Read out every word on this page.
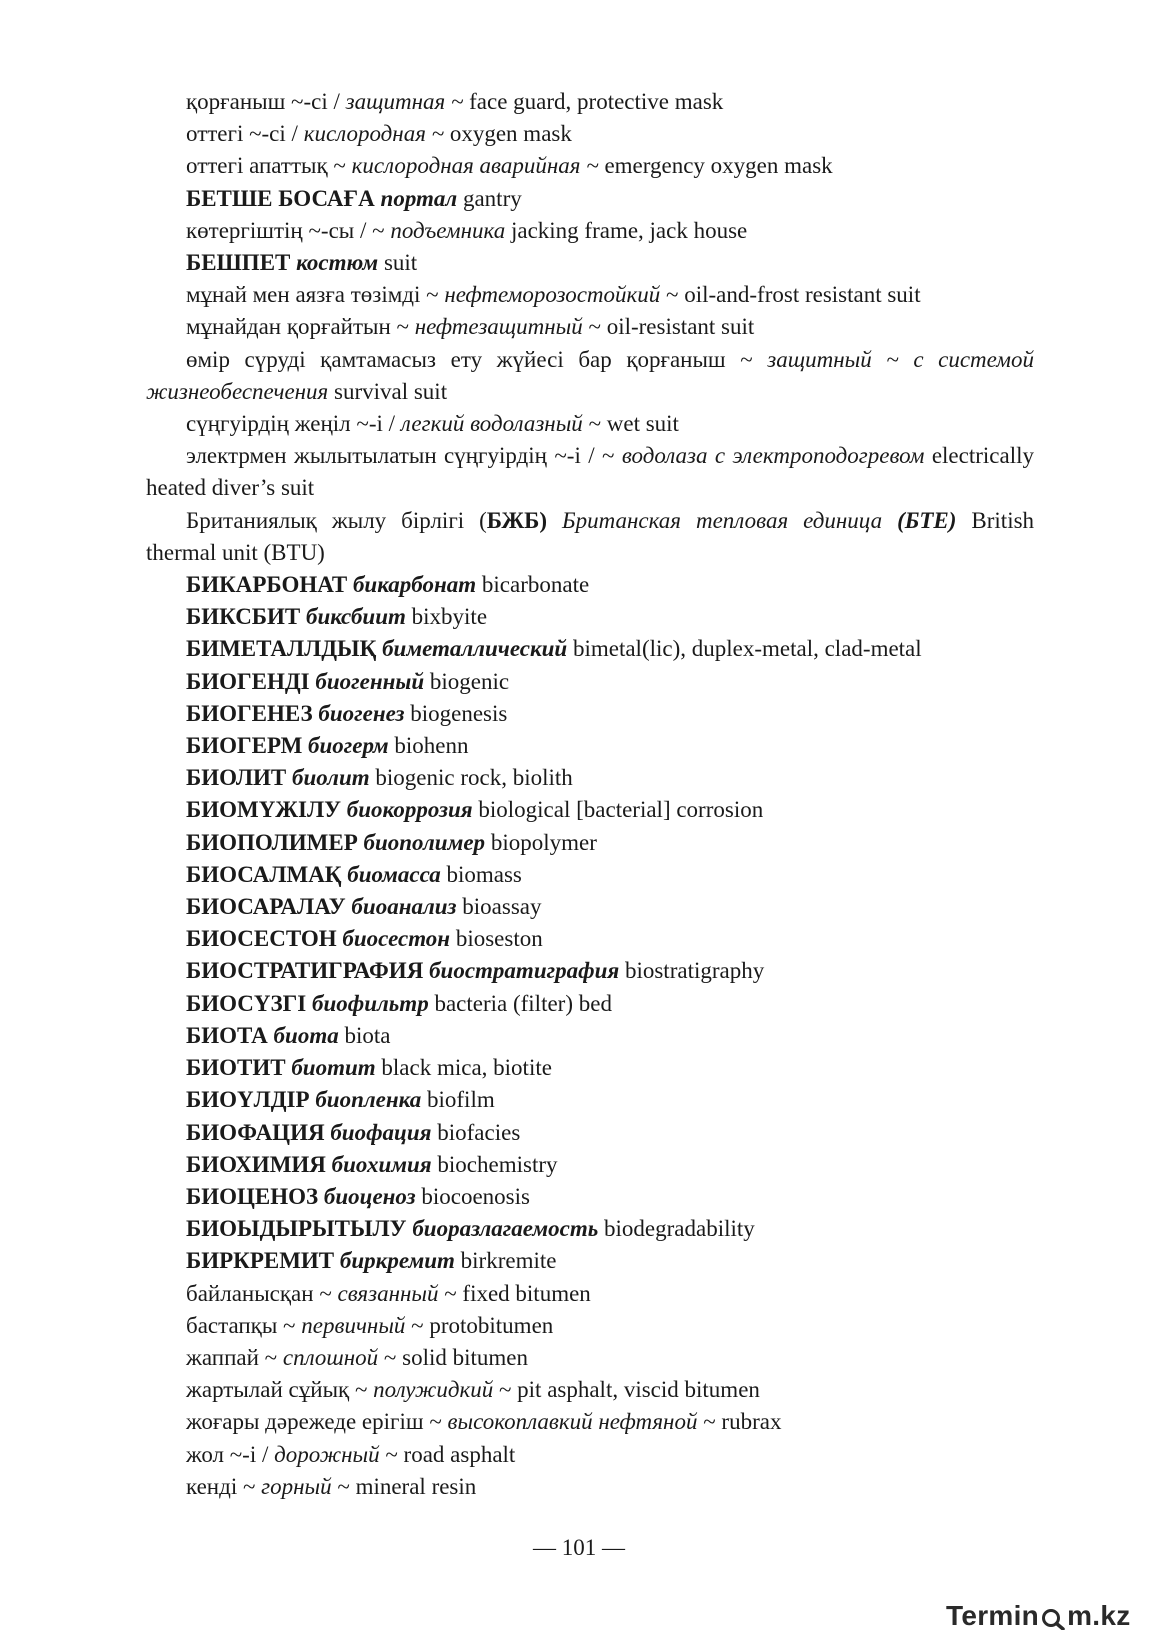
қорғаныш ~-сі / защитная ~ face guard, protective mask
оттегі ~-сі / кислородная ~ oxygen mask
оттегі апаттық ~ кислородная аварийная ~ emergency oxygen mask
БЕТШЕ БОСАҒА портал gantry
көтергіштің ~-сы / ~ подъемника jacking frame, jack house
БЕШПЕТ костюм suit
мұнай мен аязға төзімді ~ нефтеморозостойкий ~ oil-and-frost resistant suit
мұнайдан қорғайтын ~ нефтезащитный ~ oil-resistant suit
өмір сүруді қамтамасыз ету жүйесі бар қорғаныш ~ защитный ~ с системой жизнеобеспечения survival suit
сүңгуірдің жеңіл ~-і / легкий водолазный ~ wet suit
электрмен жылытылатын сүңгуірдің ~-і / ~ водолаза с электроподогревом electrically heated diver’s suit
Британиялық жылу бірлігі (БЖБ) Британская тепловая единица (БТЕ) British thermal unit (BTU)
БИКАРБОНАТ бикарбонат bicarbonate
БИКСБИТ биксбиит bixbyite
БИМЕТАЛЛДЫҚ биметаллический bimetal(lic), duplex-metal, clad-metal
БИОГЕНДІ биогенный biogenic
БИОГЕНЕЗ биогенез biogenesis
БИОГЕРМ биогерм biohenn
БИОЛИТ биолит biogenic rock, biolith
БИОМҮЖІЛУ биокоррозия biological [bacterial] corrosion
БИОПОЛИМЕР биополимер biopolymer
БИОСАЛМАҚ биомасса biomass
БИОСАРАЛАУ биоанализ bioassay
БИОСЕСТОН биосестон bioseston
БИОСТРАТИГРАФИЯ биостратиграфия biostratigraphy
БИОСҮЗГІ биофильтр bacteria (filter) bed
БИОТА биота biota
БИОТИТ биотит black mica, biotite
БИОҮЛДІР биопленка biofilm
БИОФАЦИЯ биофация biofacies
БИОХИМИЯ биохимия biochemistry
БИОЦЕНОЗ биоценоз biocoenosis
БИОЫДЫРЫТЫЛУ биоразлагаемость biodegradability
БИРКРЕМИТ биркремит birkremite
байланысқан ~ связанный ~ fixed bitumen
бастапқы ~ первичный ~ protobitumen
жаппай ~ сплошной ~ solid bitumen
жартылай сұйық ~ полужидкий ~ pit asphalt, viscid bitumen
жоғары дәрежеде ерігіш ~ высокоплавкий нефтяной ~ rubrax
жол ~-і / дорожный ~ road asphalt
кенді ~ горный ~ mineral resin
— 101 —
Termin m.kz
